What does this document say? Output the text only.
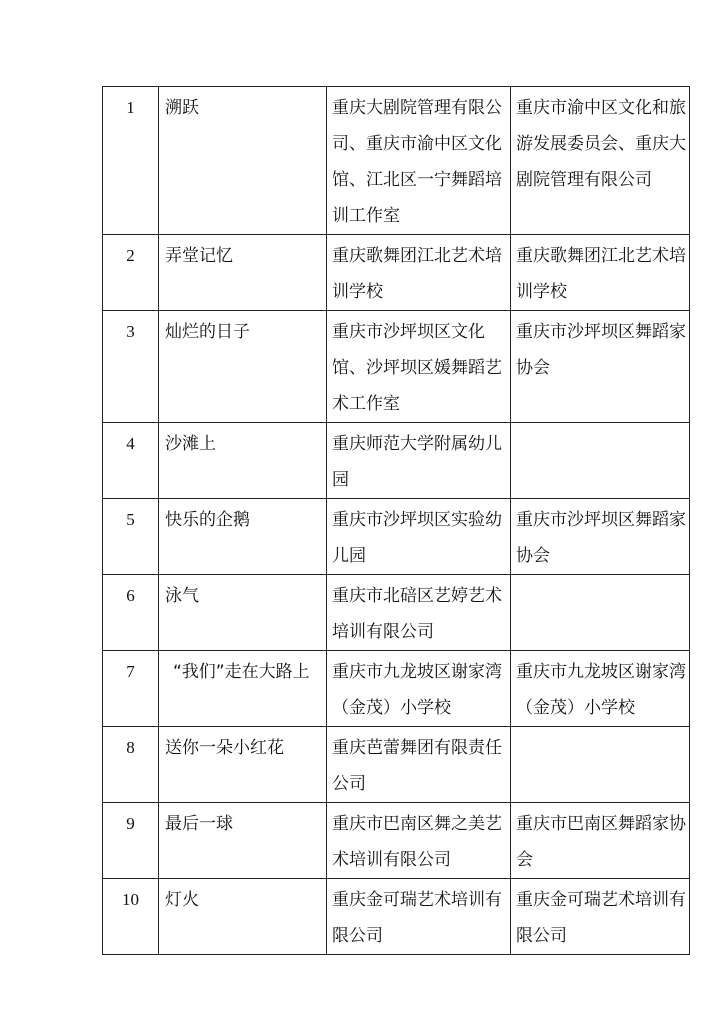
1	溯跃	重庆大剧院管理有限公司、重庆市渝中区文化馆、江北区一宁舞蹈培训工作室	重庆市渝中区文化和旅游发展委员会、重庆大剧院管理有限公司

2	弄堂记忆	重庆歌舞团江北艺术培训学校	重庆歌舞团江北艺术培训学校

3	灿烂的日子	重庆市沙坪坝区文化馆、沙坪坝区媛舞蹈艺术工作室	重庆市沙坪坝区舞蹈家协会

4	沙滩上	重庆师范大学附属幼儿园	

5	快乐的企鹅	重庆市沙坪坝区实验幼儿园	重庆市沙坪坝区舞蹈家协会

6	泳气	重庆市北碚区艺婷艺术培训有限公司	

7	“我们”走在大路上	重庆市九龙坡区谢家湾（金茂）小学校	重庆市九龙坡区谢家湾（金茂）小学校

8	送你一朵小红花	重庆芭蕾舞团有限责任公司	

9	最后一球	重庆市巴南区舞之美艺术培训有限公司	重庆市巴南区舞蹈家协会

10	灯火	重庆金可瑞艺术培训有限公司	重庆金可瑞艺术培训有限公司
